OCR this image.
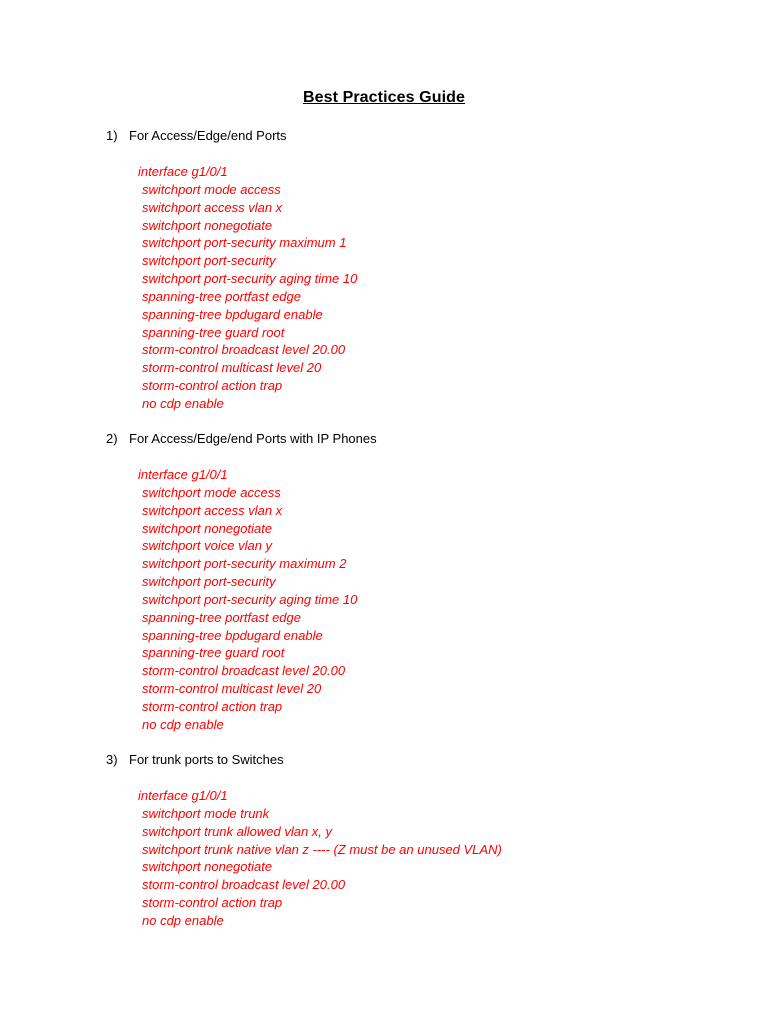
Best Practices Guide
1) For Access/Edge/end Ports
interface g1/0/1
switchport mode access
switchport access vlan x
switchport nonegotiate
switchport port-security maximum 1
switchport port-security
switchport port-security aging time 10
spanning-tree portfast edge
spanning-tree bpdugard enable
spanning-tree guard root
storm-control broadcast level 20.00
storm-control multicast level 20
storm-control action trap
no cdp enable
2) For Access/Edge/end Ports with IP Phones
interface g1/0/1
switchport mode access
switchport access vlan x
switchport nonegotiate
switchport voice vlan y
switchport port-security maximum 2
switchport port-security
switchport port-security aging time 10
spanning-tree portfast edge
spanning-tree bpdugard enable
spanning-tree guard root
storm-control broadcast level 20.00
storm-control multicast level 20
storm-control action trap
no cdp enable
3) For trunk ports to Switches
interface g1/0/1
switchport mode trunk
switchport trunk allowed vlan x, y
switchport trunk native vlan z ---- (Z must be an unused VLAN)
switchport nonegotiate
storm-control broadcast level 20.00
storm-control action trap
no cdp enable
